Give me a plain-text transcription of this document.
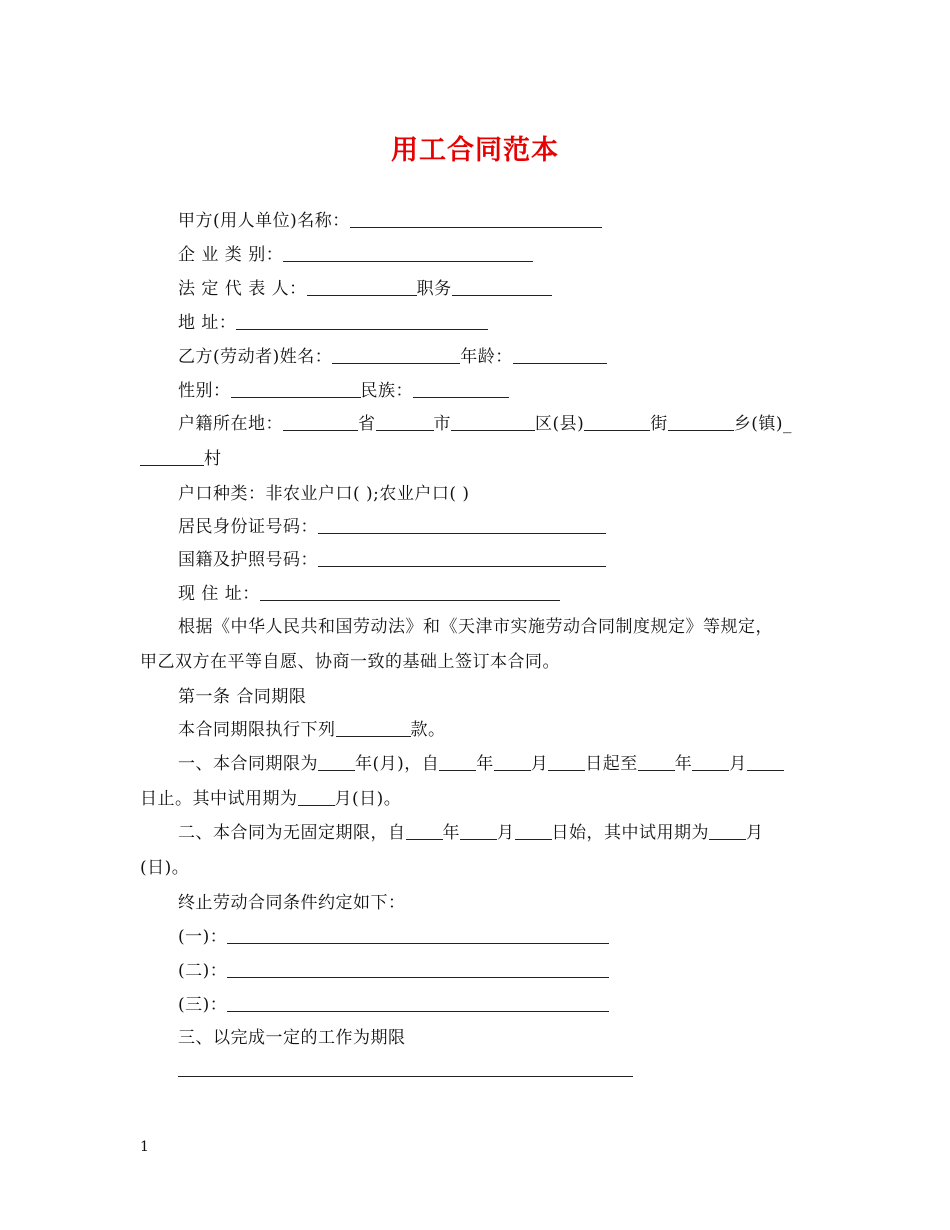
用工合同范本
甲方(用人单位)名称：
企 业 类 别：
法 定 代 表 人：	职务
地 址：
乙方(劳动者)姓名：	年龄：
性别：	民族：
户籍所在地：	省	市	区(县)	街	乡(镇)_
村
户口种类：非农业户口( );农业户口( )
居民身份证号码：
国籍及护照号码：
现 住 址：
根据《中华人民共和国劳动法》和《天津市实施劳动合同制度规定》等规定，
甲乙双方在平等自愿、协商一致的基础上签订本合同。
第一条 合同期限
本合同期限执行下列	款。
一、本合同期限为 年(月)，自 年 月 日起至 年 月
日止。其中试用期为 月(日)。
二、本合同为无固定期限，自 年 月 日始，其中试用期为 月
(日)。
终止劳动合同条件约定如下：
(一)：
(二)：
(三)：
三、以完成一定的工作为期限
1
